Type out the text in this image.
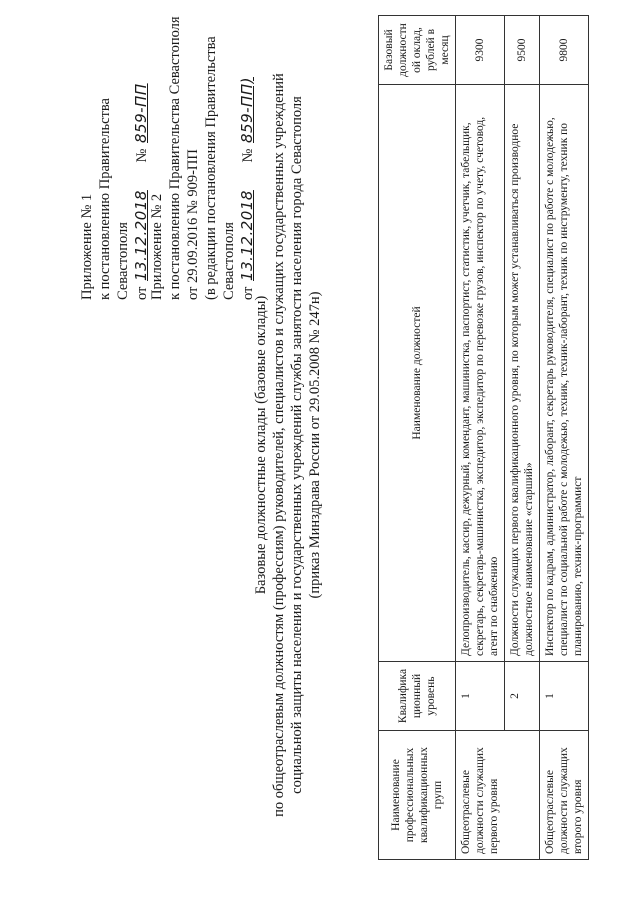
Приложение № 1 к постановлению Правительства Севастополя от 13.12.2018 № 859-ПП
Приложение № 2 к постановлению Правительства Севастополя от 29.09.2016 № 909-ПП (в редакции постановления Правительства Севастополя от 13.12.2018 № 859-ПП)
Базовые должностные оклады (базовые оклады) по общеотраслевым должностям (профессиям) руководителей, специалистов и служащих государственных учреждений социальной защиты населения и государственных учреждений службы занятости населения города Севастополя (приказ Минздрава России от 29.05.2008 № 247н)
Наименование профессиональных квалификационных групп	Квалифика ционный уровень	Наименование должностей	Базовый должностн ой оклад, рублей в месяц
Общеотраслевые должности служащих первого уровня	1	Делопроизводитель, кассир, дежурный, комендант, машинистка, паспортист, статистик, учетчик, табельщик, секретарь, секретарь-машинистка, экспедитор, экспедитор по перевозке грузов, инспектор по учету, счетовод, агент по снабжению	9300
	2	Должности служащих первого квалификационного уровня, по которым может устанавливаться производное должностное наименование «старший»	9500
Общеотраслевые должности служащих второго уровня	1	Инспектор по кадрам, администратор, лаборант, секретарь руководителя, специалист по работе с молодежью, специалист по социальной работе с молодежью, техник, техник-лаборант, техник по инструменту, техник по планированию, техник-программист	9800
